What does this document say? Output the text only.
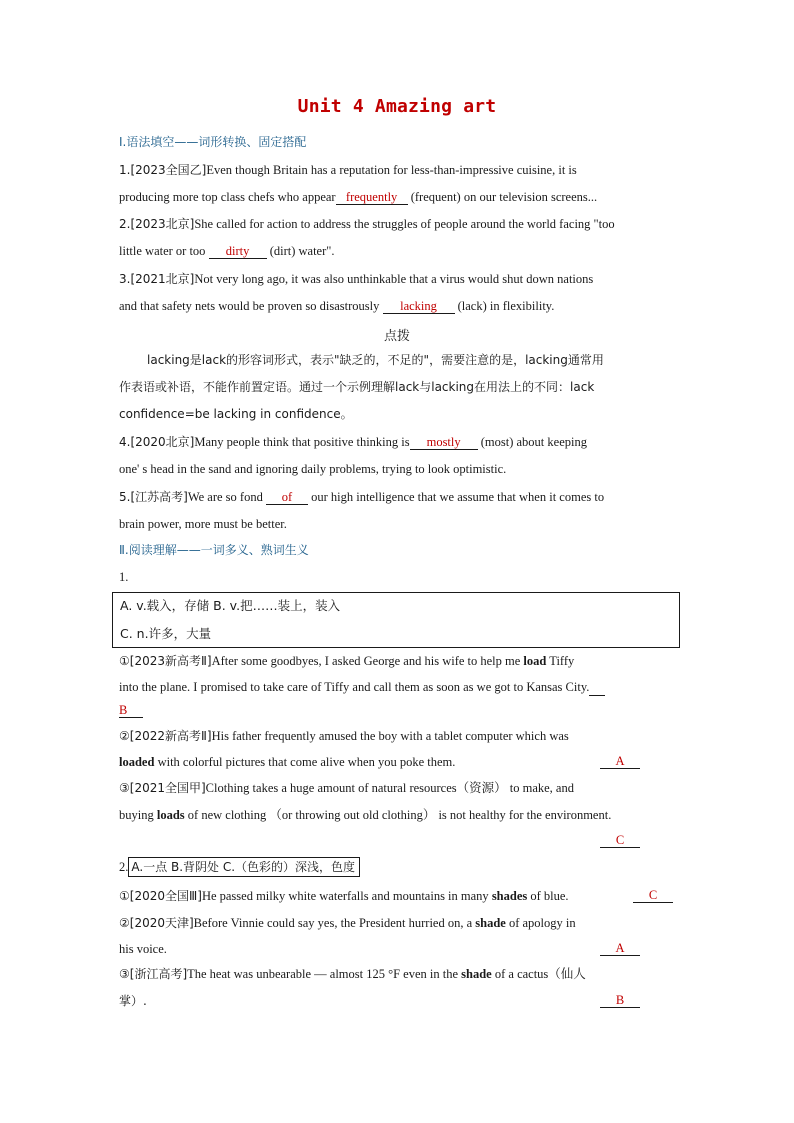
Unit 4 Amazing art
Ⅰ.语法填空——词形转换、固定搭配
1.[2023全国乙]Even though Britain has a reputation for less-than-impressive cuisine, it is
producing more top class chefs who appear frequently (frequent) on our television screens...
2.[2023北京]She called for action to address the struggles of people around the world facing "too
little water or too dirty (dirt) water".
3.[2021北京]Not very long ago, it was also unthinkable that a virus would shut down nations
and that safety nets would be proven so disastrously lacking (lack) in flexibility.
点拨
lacking是lack的形容词形式，表示"缺乏的，不足的"，需要注意的是，lacking通常用
作表语或补语，不能作前置定语。通过一个示例理解lack与lacking在用法上的不同：lack
confidence=be lacking in confidence。
4.[2020北京]Many people think that positive thinking is mostly (most) about keeping
one' s head in the sand and ignoring daily problems, trying to look optimistic.
5.[江苏高考]We are so fond of our high intelligence that we assume that when it comes to
brain power, more must be better.
Ⅱ.阅读理解——一词多义、熟词生义
1.
A. v.载入，存储 B. v.把……装上，装入
C. n.许多，大量
①[2023新高考Ⅱ]After some goodbyes, I asked George and his wife to help me load Tiffy
into the plane. I promised to take care of Tiffy and call them as soon as we got to Kansas City.
B
②[2022新高考Ⅱ]His father frequently amused the boy with a tablet computer which was
loaded with colorful pictures that come alive when you poke them.	A
③[2021全国甲]Clothing takes a huge amount of natural resources（资源） to make, and
buying loads of new clothing （or throwing out old clothing） is not healthy for the environment.
C
2. A.一点 B.背阴处 C.（色彩的）深浅，色度
①[2020全国Ⅲ]He passed milky white waterfalls and mountains in many shades of blue.	C
②[2020天津]Before Vinnie could say yes, the President hurried on, a shade of apology in
his voice.	A
③[浙江高考]The heat was unbearable — almost 125 °F even in the shade of a cactus（仙人
掌）.	B
